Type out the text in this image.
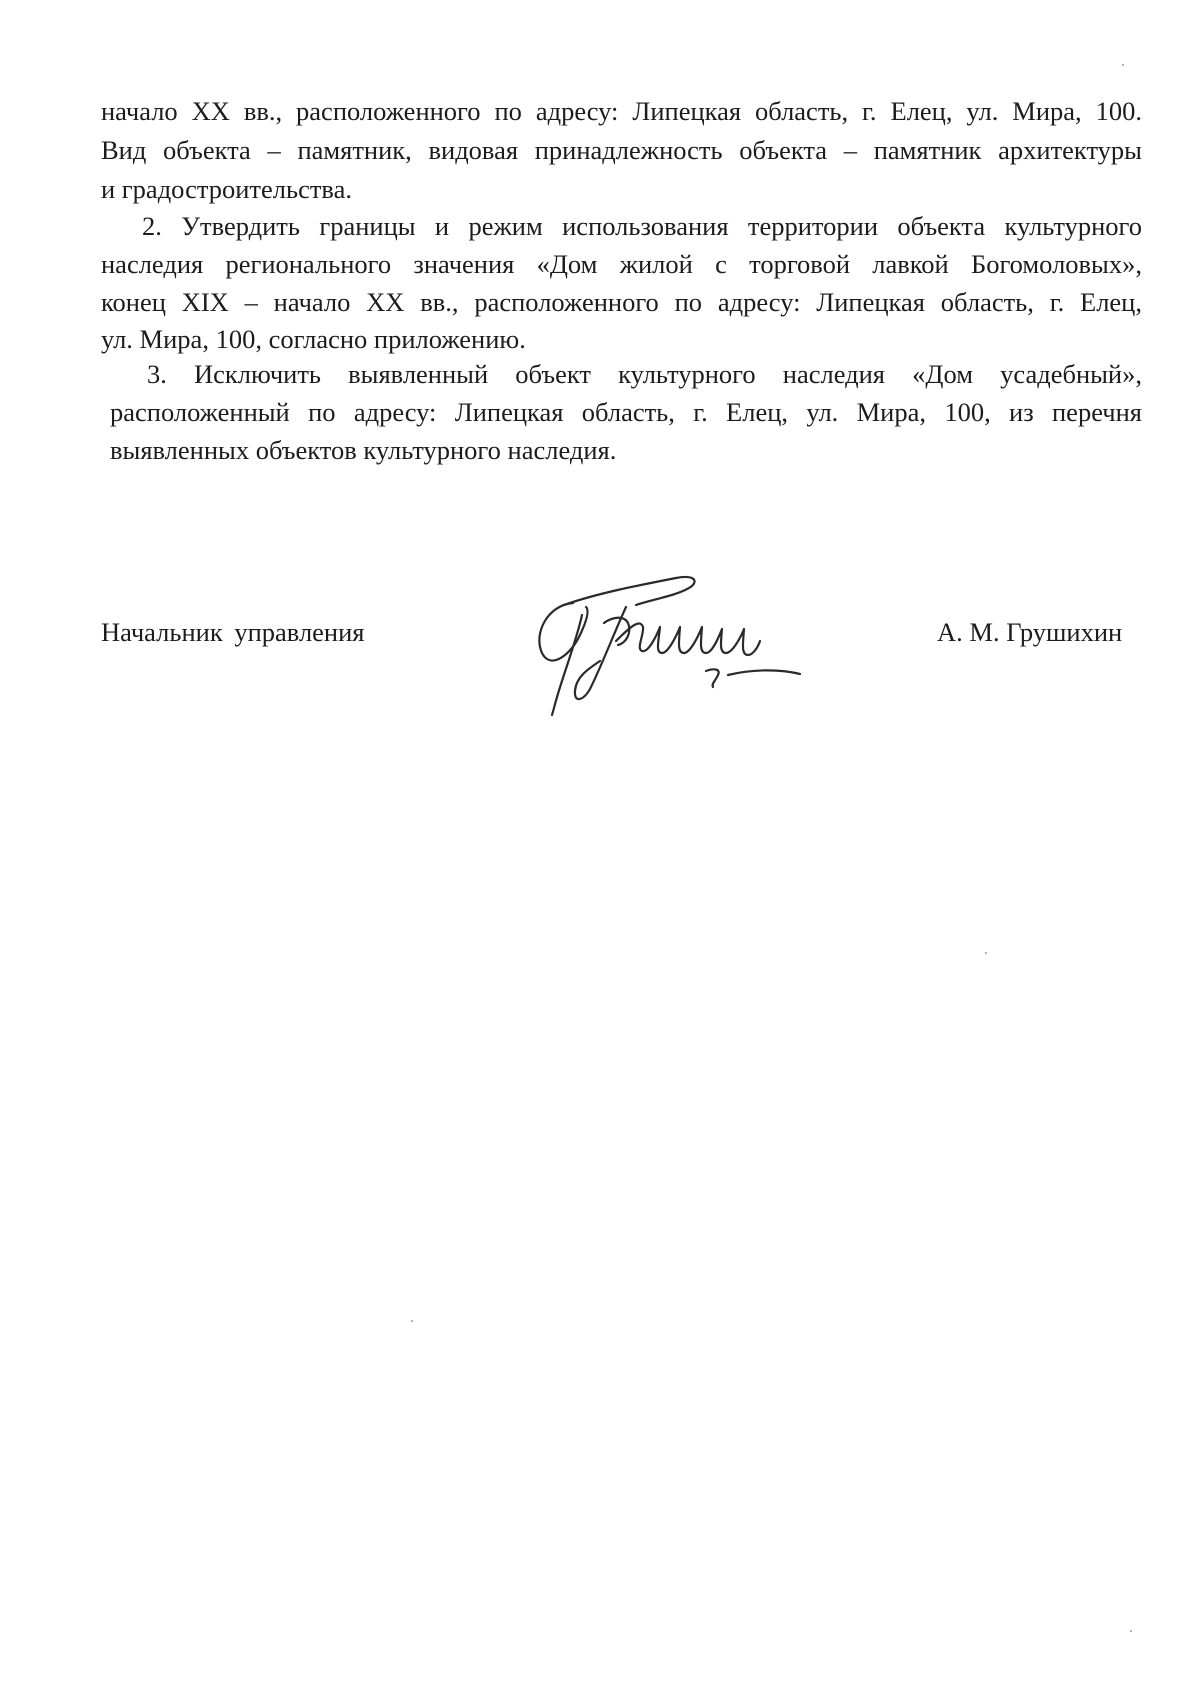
начало XX вв., расположенного по адресу: Липецкая область, г. Елец, ул. Мира, 100.
Вид объекта – памятник, видовая принадлежность объекта – памятник архитектуры
и градостроительства.
2. Утвердить границы и режим использования территории объекта культурного
наследия регионального значения «Дом жилой с торговой лавкой Богомоловых»,
конец XIX – начало XX вв., расположенного по адресу: Липецкая область, г. Елец,
ул. Мира, 100, согласно приложению.
3. Исключить выявленный объект культурного наследия «Дом усадебный»,
расположенный по адресу: Липецкая область, г. Елец, ул. Мира, 100, из перечня
выявленных объектов культурного наследия.
Начальник управления	А. М. Грушихин
